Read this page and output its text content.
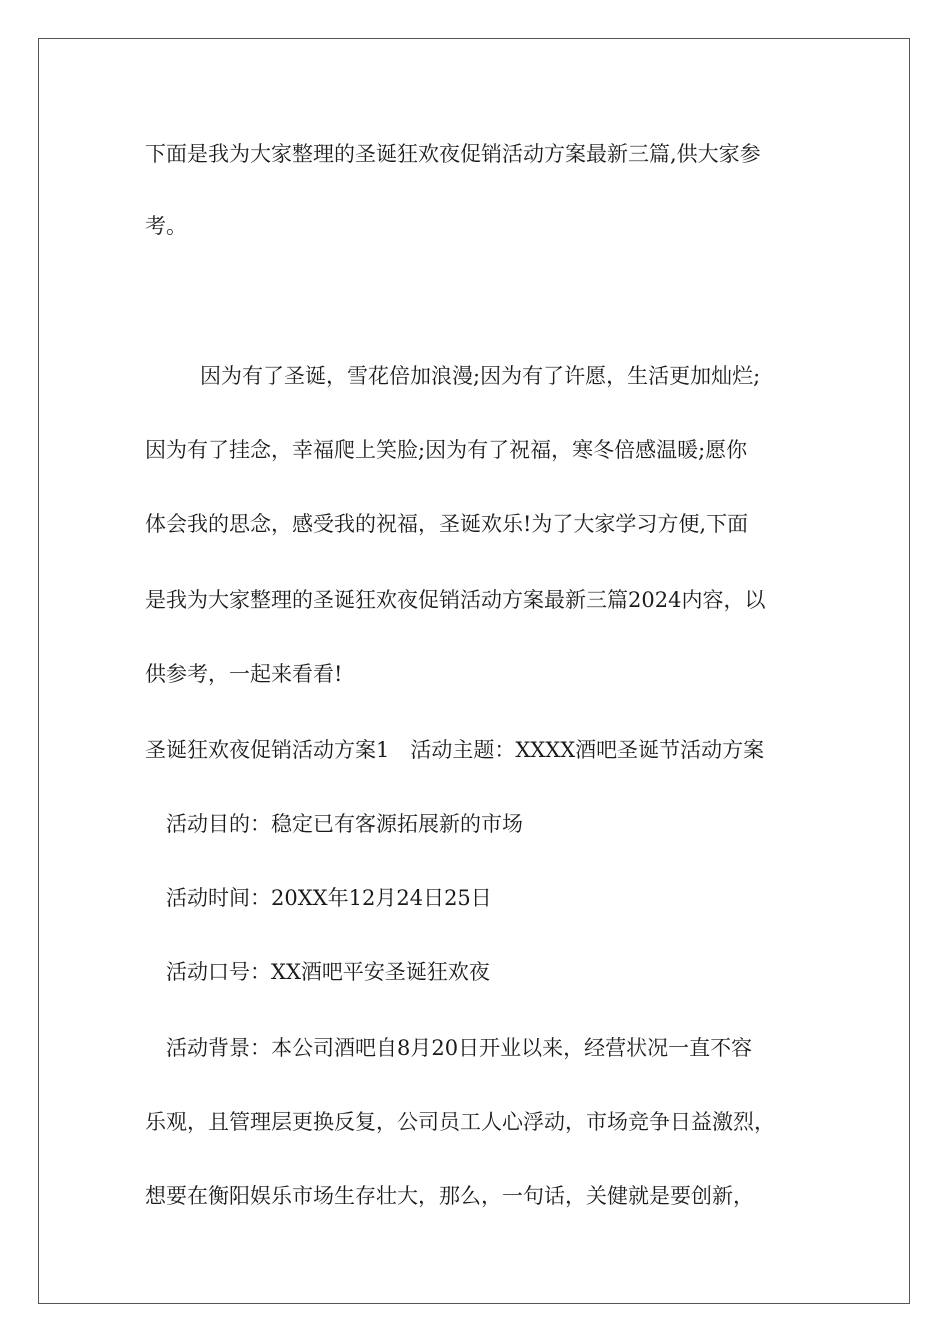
下面是我为大家整理的圣诞狂欢夜促销活动方案最新三篇,供大家参
考。
因为有了圣诞，雪花倍加浪漫;因为有了许愿，生活更加灿烂;
因为有了挂念，幸福爬上笑脸;因为有了祝福，寒冬倍感温暖;愿你
体会我的思念，感受我的祝福，圣诞欢乐!为了大家学习方便,下面
是我为大家整理的圣诞狂欢夜促销活动方案最新三篇2024内容，以
供参考，一起来看看!
圣诞狂欢夜促销活动方案1　活动主题：XXXX酒吧圣诞节活动方案
活动目的：稳定已有客源拓展新的市场
活动时间：20XX年12月24日25日
活动口号：XX酒吧平安圣诞狂欢夜
活动背景：本公司酒吧自8月20日开业以来，经营状况一直不容
乐观，且管理层更换反复，公司员工人心浮动，市场竞争日益激烈，
想要在衡阳娱乐市场生存壮大，那么，一句话，关健就是要创新，
